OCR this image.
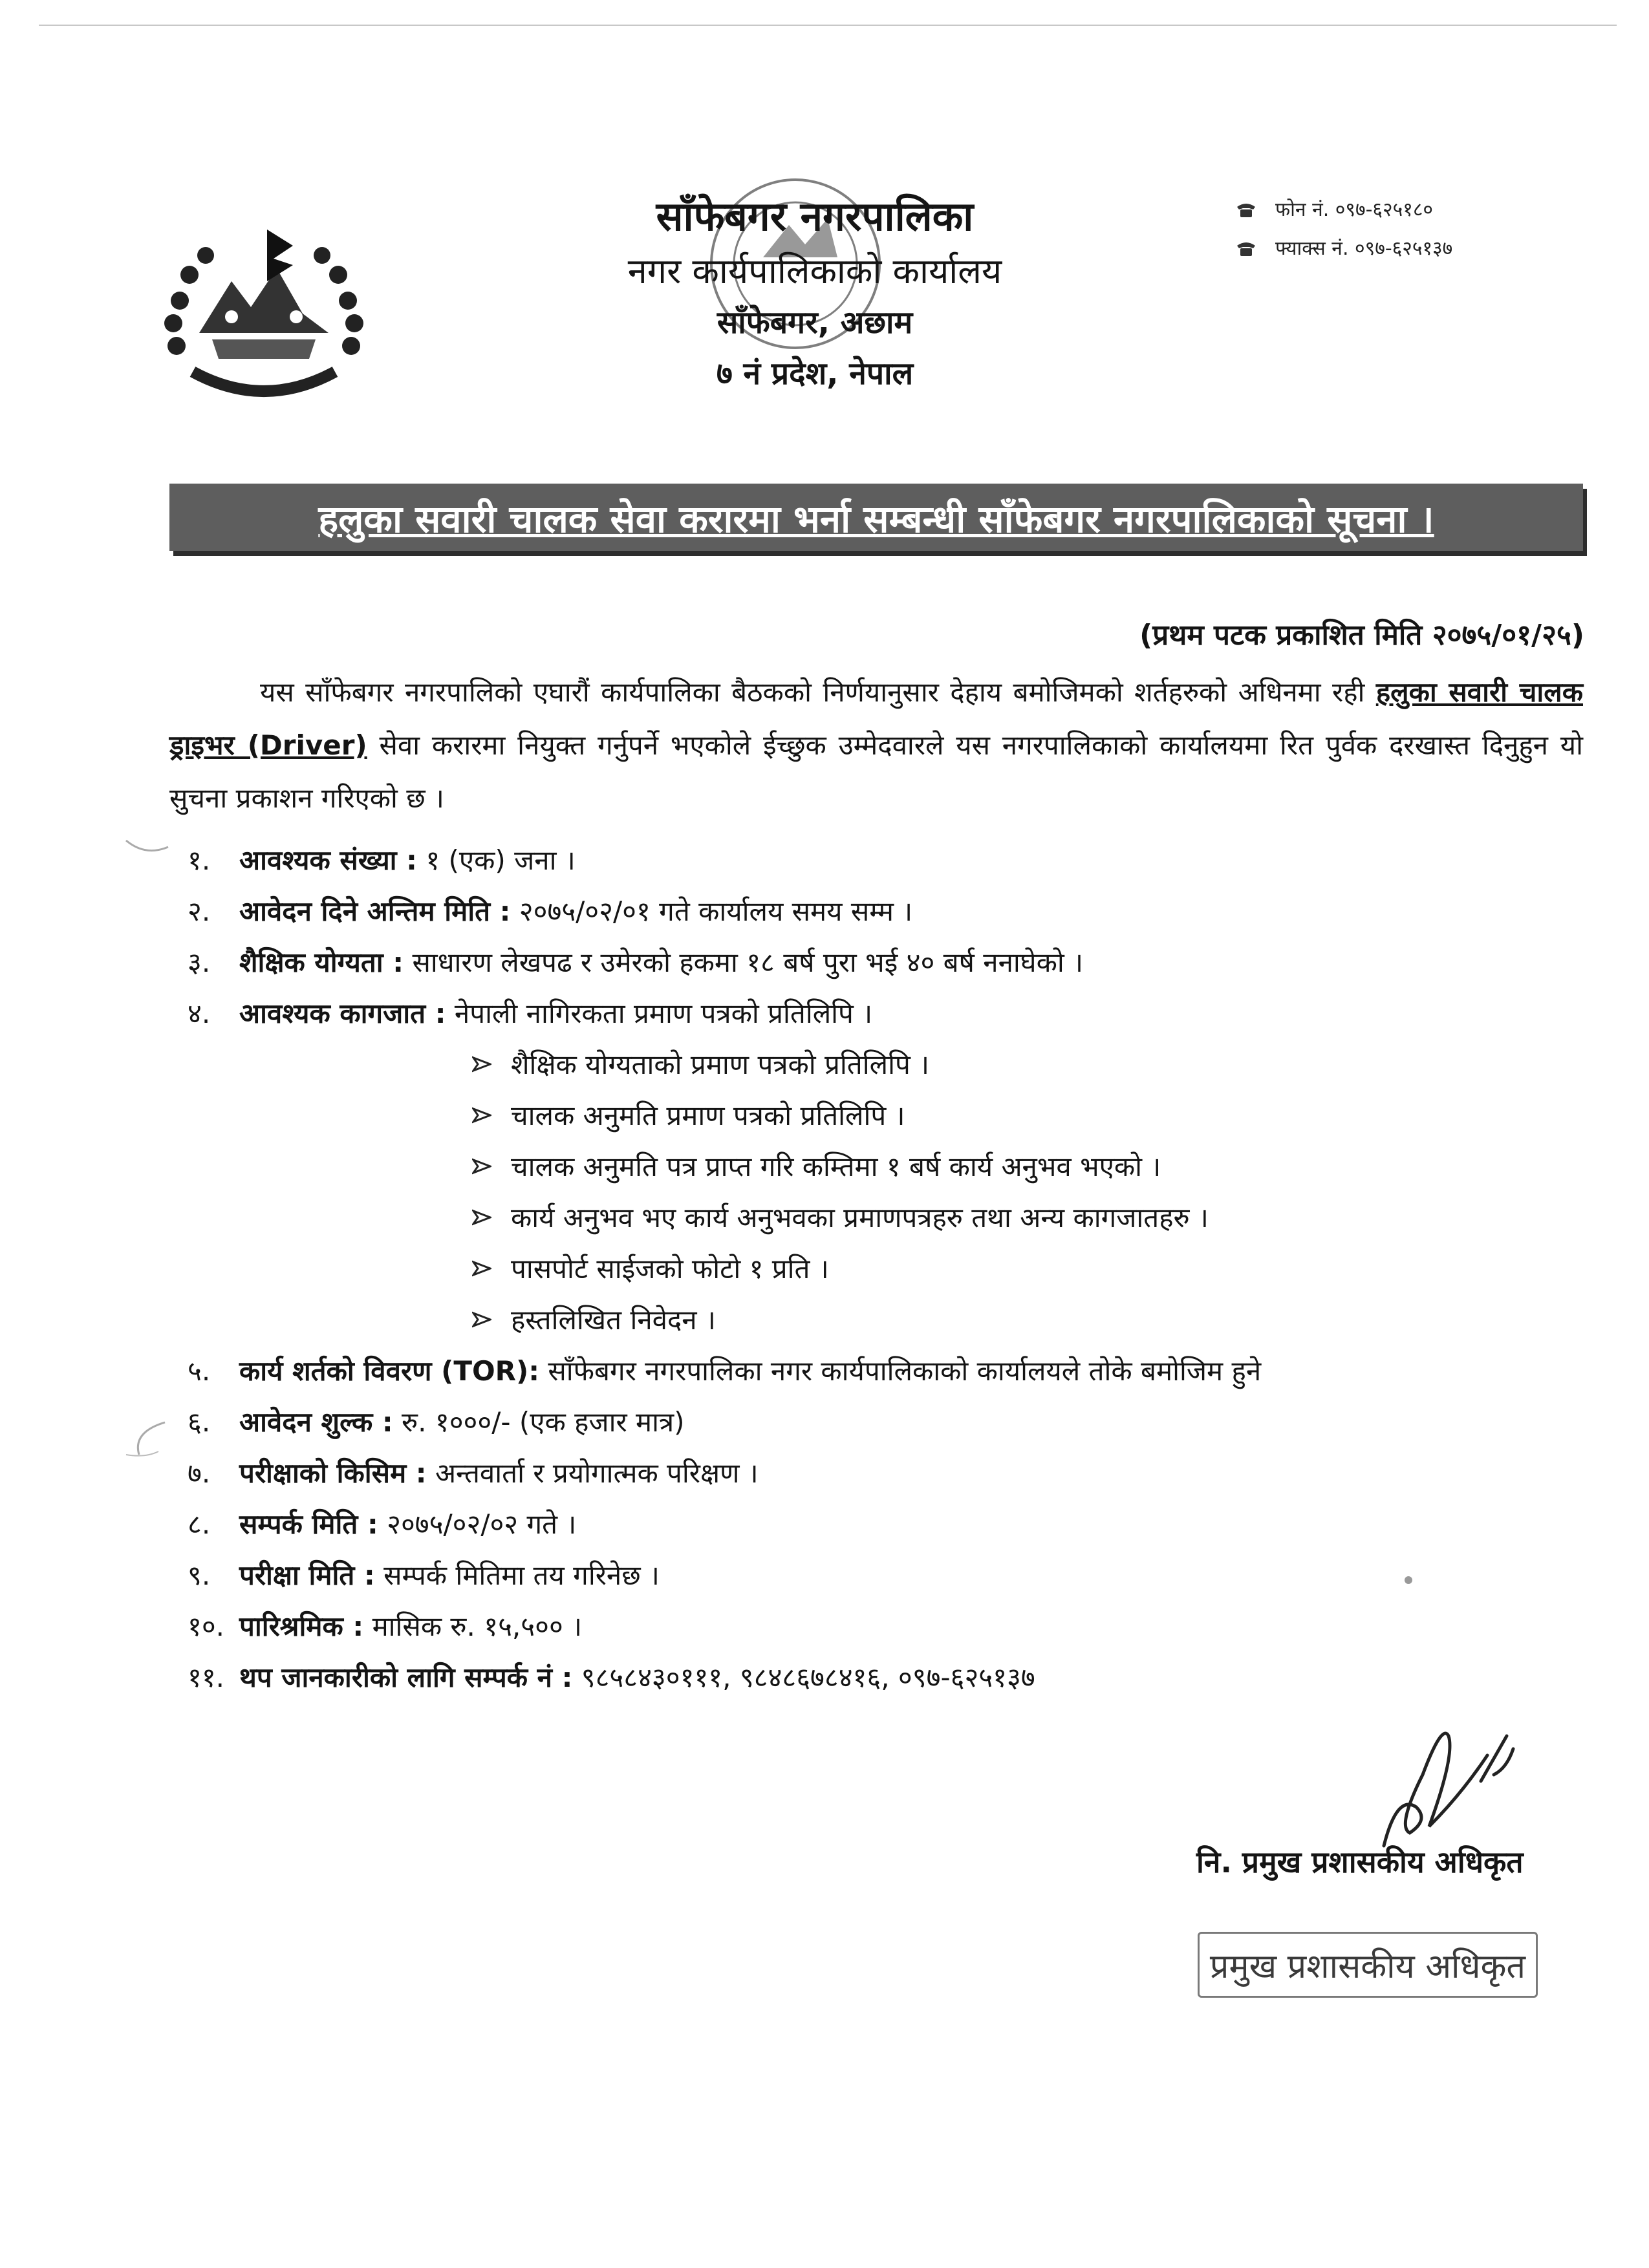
साँफेबगर नगरपालिका
नगर कार्यपालिकाको कार्यालय
साँफेबगर, अछाम
७ नं प्रदेश, नेपाल
फोन नं. ०९७-६२५१८०
फ्याक्स नं. ०९७-६२५१३७
हलुका सवारी चालक सेवा करारमा भर्ना सम्बन्धी साँफेबगर नगरपालिकाको सूचना ।
(प्रथम पटक प्रकाशित मिति २०७५/०१/२५)
यस साँफेबगर नगरपालिको एघारौं कार्यपालिका बैठकको निर्णयानुसार देहाय बमोजिमको शर्तहरुको अधिनमा रही हलुका सवारी चालक ड्राइभर (Driver) सेवा करारमा नियुक्त गर्नुपर्ने भएकोले ईच्छुक उम्मेदवारले यस नगरपालिकाको कार्यालयमा रित पुर्वक दरखास्त दिनुहुन यो सुचना प्रकाशन गरिएको छ ।
१.	आवश्यक संख्या :
१ (एक) जना ।
२.	आवेदन दिने अन्तिम मिति :
२०७५/०२/०१ गते कार्यालय समय सम्म ।
३.	शैक्षिक योग्यता :
साधारण लेखपढ र उमेरको हकमा १८ बर्ष पुरा भई ४० बर्ष ननाघेको ।
४.	आवश्यक कागजात :
नेपाली नागिरकता प्रमाण पत्रको प्रतिलिपि ।
शैक्षिक योग्यताको प्रमाण पत्रको प्रतिलिपि ।
चालक अनुमति प्रमाण पत्रको प्रतिलिपि ।
चालक अनुमति पत्र प्राप्त गरि कम्तिमा १ बर्ष कार्य अनुभव भएको ।
कार्य अनुभव भए कार्य अनुभवका प्रमाणपत्रहरु तथा अन्य कागजातहरु ।
पासपोर्ट साईजको फोटो १ प्रति ।
हस्तलिखित निवेदन ।
५.	कार्य शर्तको विवरण (TOR):
साँफेबगर नगरपालिका नगर कार्यपालिकाको कार्यालयले तोके बमोजिम हुने
६.	आवेदन शुल्क :
रु. १०००/- (एक हजार मात्र)
७.	परीक्षाको किसिम :
अन्तवार्ता र प्रयोगात्मक परिक्षण ।
८.	सम्पर्क मिति :
२०७५/०२/०२ गते ।
९.	परीक्षा मिति :
सम्पर्क मितिमा तय गरिनेछ ।
१०. पारिश्रमिक :
मासिक रु. १५,५०० ।
११. थप जानकारीको लागि सम्पर्क नं :
९८५८४३०१११, ९८४८६७८४१६, ०९७-६२५१३७
नि. प्रमुख प्रशासकीय अधिकृत
प्रमुख प्रशासकीय अधिकृत
